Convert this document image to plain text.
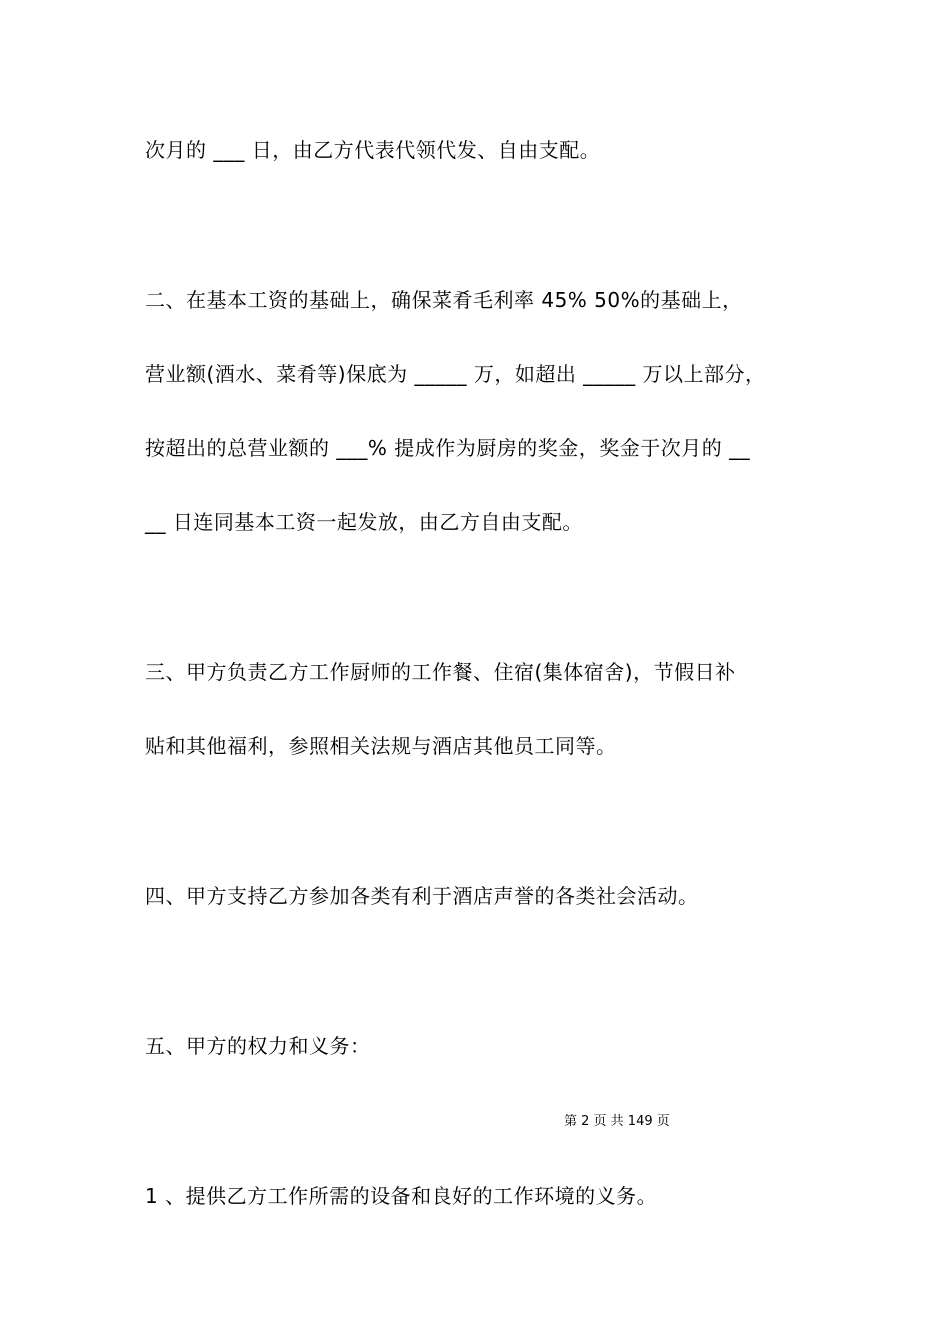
次月的 ___ 日，由乙方代表代领代发、自由支配。

二、在基本工资的基础上，确保菜肴毛利率 45% 50%的基础上，

营业额(酒水、菜肴等)保底为 _____ 万，如超出 _____ 万以上部分，

按超出的总营业额的 ___% 提成作为厨房的奖金，奖金于次月的 __

__ 日连同基本工资一起发放，由乙方自由支配。

三、甲方负责乙方工作厨师的工作餐、住宿(集体宿舍)，节假日补

贴和其他福利，参照相关法规与酒店其他员工同等。

四、甲方支持乙方参加各类有利于酒店声誉的各类社会活动。

五、甲方的权力和义务：

第 2 页 共 149 页

1 、提供乙方工作所需的设备和良好的工作环境的义务。
